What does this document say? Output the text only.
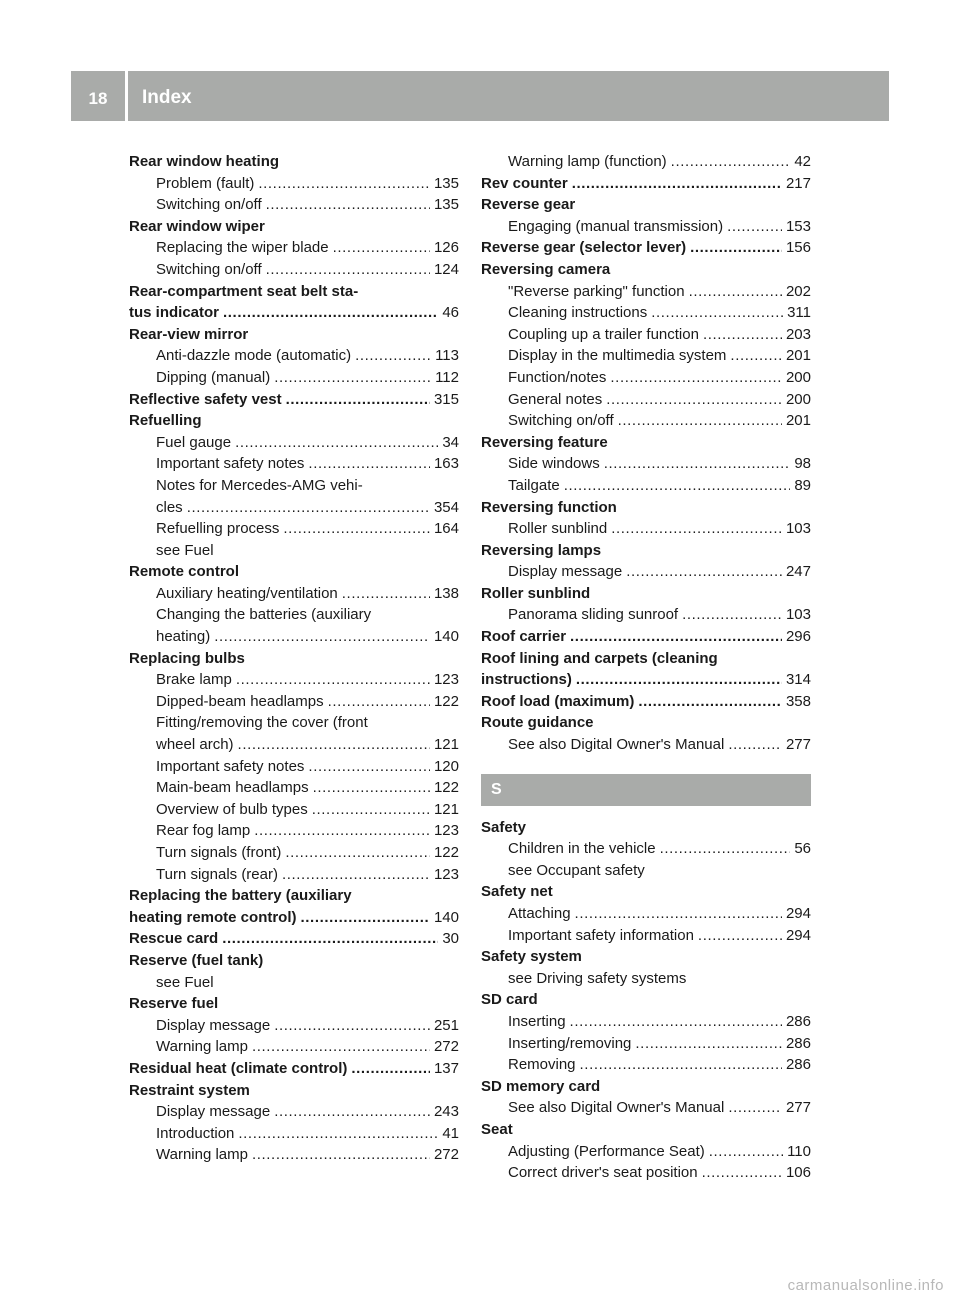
18	Index
Rear window heating
Problem (fault) .....	135
Switching on/off .....	135
Rear window wiper
Replacing the wiper blade .....	126
Switching on/off .....	124
Rear-compartment seat belt sta-
tus indicator .....	46
Rear-view mirror
Anti-dazzle mode (automatic) .....	113
Dipping (manual) .....	112
Reflective safety vest .....	315
Refuelling
Fuel gauge .....	34
Important safety notes .....	163
Notes for Mercedes-AMG vehi-
cles .....	354
Refuelling process .....	164
see Fuel
Remote control
Auxiliary heating/ventilation .....	138
Changing the batteries (auxiliary
heating) .....	140
Replacing bulbs
Brake lamp .....	123
Dipped-beam headlamps .....	122
Fitting/removing the cover (front
wheel arch) .....	121
Important safety notes .....	120
Main-beam headlamps .....	122
Overview of bulb types .....	121
Rear fog lamp .....	123
Turn signals (front) .....	122
Turn signals (rear) .....	123
Replacing the battery (auxiliary
heating remote control) .....	140
Rescue card .....	30
Reserve (fuel tank)
see Fuel
Reserve fuel
Display message .....	251
Warning lamp .....	272
Residual heat (climate control) .....	137
Restraint system
Display message .....	243
Introduction .....	41
Warning lamp .....	272
Warning lamp (function) .....	42
Rev counter .....	217
Reverse gear
Engaging (manual transmission) .....	153
Reverse gear (selector lever) .....	156
Reversing camera
"Reverse parking" function .....	202
Cleaning instructions .....	311
Coupling up a trailer function .....	203
Display in the multimedia system .....	201
Function/notes .....	200
General notes .....	200
Switching on/off .....	201
Reversing feature
Side windows .....	98
Tailgate .....	89
Reversing function
Roller sunblind .....	103
Reversing lamps
Display message .....	247
Roller sunblind
Panorama sliding sunroof .....	103
Roof carrier .....	296
Roof lining and carpets (cleaning
instructions) .....	314
Roof load (maximum) .....	358
Route guidance
See also Digital Owner's Manual .....	277
S
Safety
Children in the vehicle .....	56
see Occupant safety
Safety net
Attaching .....	294
Important safety information .....	294
Safety system
see Driving safety systems
SD card
Inserting .....	286
Inserting/removing .....	286
Removing .....	286
SD memory card
See also Digital Owner's Manual .....	277
Seat
Adjusting (Performance Seat) .....	110
Correct driver's seat position .....	106
carmanualsonline.info
